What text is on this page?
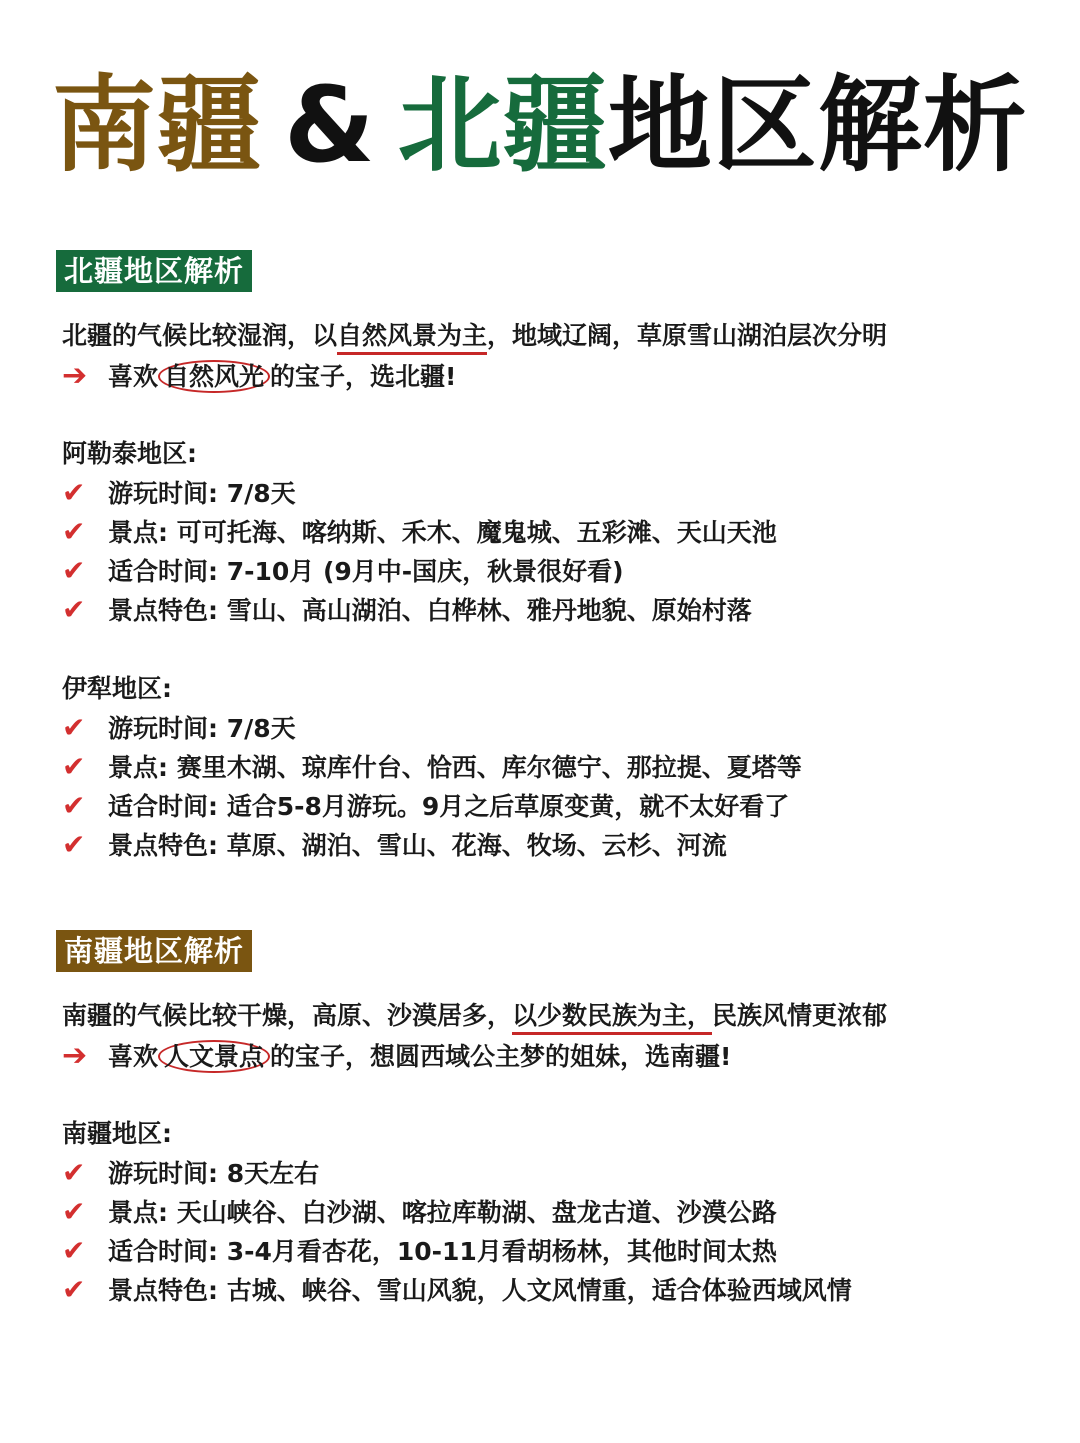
南疆 & 北疆地区解析
北疆地区解析
北疆的气候比较湿润，以自然风景为主，地域辽阔，草原雪山湖泊层次分明
➔ 喜欢 自然风光 的宝子，选北疆!
阿勒泰地区:
✔ 游玩时间: 7/8天
✔ 景点: 可可托海、喀纳斯、禾木、魔鬼城、五彩滩、天山天池
✔ 适合时间: 7-10月 (9月中-国庆，秋景很好看)
✔ 景点特色: 雪山、高山湖泊、白桦林、雅丹地貌、原始村落
伊犁地区:
✔ 游玩时间: 7/8天
✔ 景点: 赛里木湖、琼库什台、恰西、库尔德宁、那拉提、夏塔等
✔ 适合时间: 适合5-8月游玩。9月之后草原变黄，就不太好看了
✔ 景点特色: 草原、湖泊、雪山、花海、牧场、云杉、河流
南疆地区解析
南疆的气候比较干燥，高原、沙漠居多，以少数民族为主，民族风情更浓郁
➔ 喜欢 人文景点 的宝子，想圆西域公主梦的姐妹，选南疆!
南疆地区:
✔ 游玩时间: 8天左右
✔ 景点: 天山峡谷、白沙湖、喀拉库勒湖、盘龙古道、沙漠公路
✔ 适合时间: 3-4月看杏花，10-11月看胡杨林，其他时间太热
✔ 景点特色: 古城、峡谷、雪山风貌，人文风情重，适合体验西域风情
